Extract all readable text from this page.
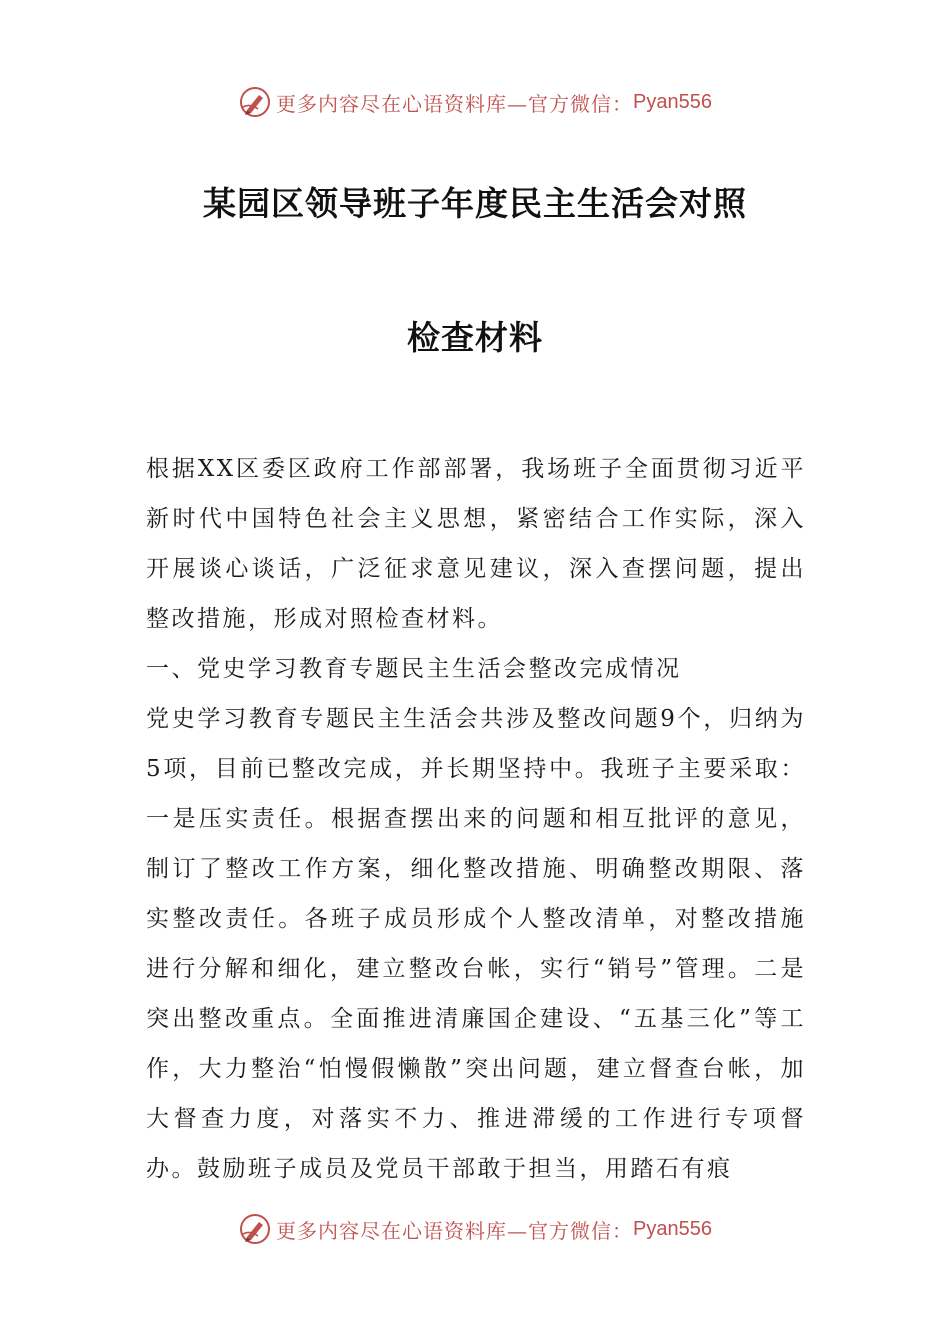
更多内容尽在心语资料库—官方微信： Pyan556
某园区领导班子年度民主生活会对照
检查材料

根据XX区委区政府工作部部署，我场班子全面贯彻习近平新时代中国特色社会主义思想，紧密结合工作实际，深入开展谈心谈话，广泛征求意见建议，深入查摆问题，提出整改措施，形成对照检查材料。

一、党史学习教育专题民主生活会整改完成情况

党史学习教育专题民主生活会共涉及整改问题9个，归纳为5项，目前已整改完成，并长期坚持中。我班子主要采取：一是压实责任。根据查摆出来的问题和相互批评的意见，制订了整改工作方案，细化整改措施、明确整改期限、落实整改责任。各班子成员形成个人整改清单，对整改措施进行分解和细化，建立整改台帐，实行“销号”管理。二是突出整改重点。全面推进清廉国企建设、“五基三化”等工作，大力整治“怕慢假懒散”突出问题，建立督查台帐，加大督查力度，对落实不力、推进滞缓的工作进行专项督办。鼓励班子成员及党员干部敢于担当，用踏石有痕

更多内容尽在心语资料库—官方微信： Pyan556
